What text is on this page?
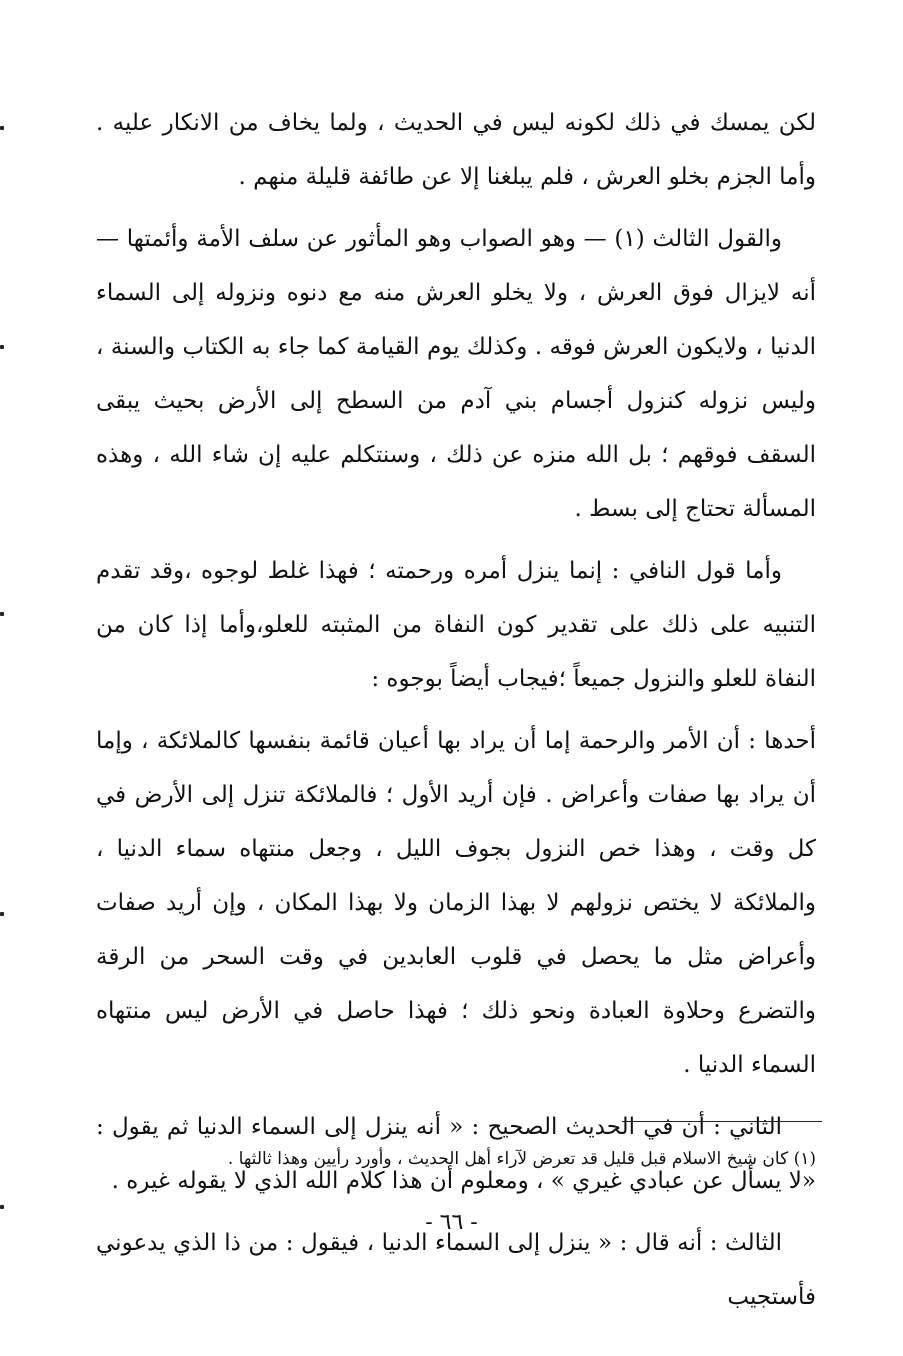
لكن يمسك في ذلك لكونه ليس في الحديث ، ولما يخاف من الانكار عليه . وأما الجزم بخلو العرش ، فلم يبلغنا إلا عن طائفة قليلة منهم .

والقول الثالث (١) — وهو الصواب وهو المأثور عن سلف الأمة وأئمتها — أنه لايزال فوق العرش ، ولا يخلو العرش منه مع دنوه ونزوله إلى السماء الدنيا ، ولايكون العرش فوقه . وكذلك يوم القيامة كما جاء به الكتاب والسنة ، وليس نزوله كنزول أجسام بني آدم من السطح إلى الأرض بحيث يبقى السقف فوقهم ؛ بل الله منزه عن ذلك ، وسنتكلم عليه إن شاء الله ، وهذه المسألة تحتاج إلى بسط .

وأما قول النافي : إنما ينزل أمره ورحمته ؛ فهذا غلط لوجوه ،وقد تقدم التنبيه على ذلك على تقدير كون النفاة من المثبته للعلو،وأما إذا كان من النفاة للعلو والنزول جميعاً ؛فيجاب أيضاً بوجوه :

أحدها : أن الأمر والرحمة إما أن يراد بها أعيان قائمة بنفسها كالملائكة ، وإما أن يراد بها صفات وأعراض . فإن أريد الأول ؛ فالملائكة تنزل إلى الأرض في كل وقت ، وهذا خص النزول بجوف الليل ، وجعل منتهاه سماء الدنيا ، والملائكة لا يختص نزولهم لا بهذا الزمان ولا بهذا المكان ، وإن أريد صفات وأعراض مثل ما يحصل في قلوب العابدين في وقت السحر من الرقة والتضرع وحلاوة العبادة ونحو ذلك ؛ فهذا حاصل في الأرض ليس منتهاه السماء الدنيا .

الثاني : أن في الحديث الصحيح : « أنه ينزل إلى السماء الدنيا ثم يقول : «لا يسأل عن عبادي غيري » ، ومعلوم أن هذا كلام الله الذي لا يقوله غيره .

الثالث : أنه قال : « ينزل إلى السماء الدنيا ، فيقول : من ذا الذي يدعوني فأستجيب

(١) كان شيخ الاسلام قبل قليل قد تعرض لآراء أهل الحديث ، وأورد رأيين وهذا ثالثها .
- ٦٦ -
